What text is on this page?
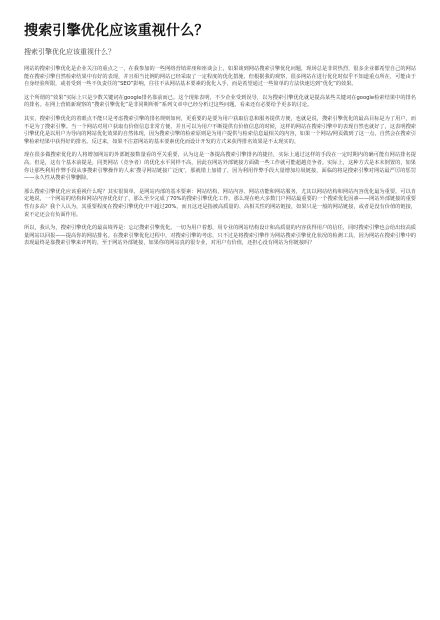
搜索引擎优化应该重视什么？
搜索引擎优化应该重视什么？

网站的搜索引擎优化是企业关注的重点之一，在我参加的一些网络营销讲座和座谈会上，如果谈到网站搜索引擎优化问题，现场总是非常热烈，很多企业都希望自己的网站能在搜索引擎自然检索结果中有好的表现，并且相当比例的网站已经采取了一定程度的优化措施，但根据我的观察，很多网站在进行优化时似乎不知道重点所在，可能由于自身经验所限，或者受到一些不负责任的“SEO”影响，往往不从网站基本要素的优化入手，而是希望通过一些简单的方法快速达到“优化”的效果。

这个所谓的“效果”实际上只是少数关键词在google排名靠前而已。这个现象表明，不少企业受到误导，以为搜索引擎优化就是提高某些关键词在google检索结果中的排名的排名。在网上营销新观察的“搜索引擎优化”是非同期所析”系列文章中已经分析过这些问题，看来还有必要给予更多的讨论。

其实，搜索引擎优化的着眼点不能只是考虑搜索引擎的排名规则如何，更重要的是要为用户获取信息和服务提供方便，也就是说，搜索引擎优化的最高目标是为了用户，而不是为了搜索引擎。当一个网站对用户获取有价值信息非常方便、并且可以为用户不断提供有价值信息的时候，这样的网站在搜索引擎中的表现自然也就好了，这表明搜索引擎优化是以用户为导向的网站优化效果的自然体现，因为搜索引擎的检索原则是为用户提供与检索信息最相关的内容，如果一个网站/网页做到了这一点，自然会在搜索引擎检索结果中获得好的排名。反过来，如果不注意网站的基本要素优化而设计开发的方式来获得排名效果是不太现实的。

现在很多做搜索优化的人将增加网站的外部链接数量看的至关重要，认为这是一条提高搜索引擎排名的捷径，实际上通过这样的手段在一定时期内的确可能有网站排名提高，但是，这有个基本前提是，同类网站（竞争者）的优化水平同样不高，因此在网站外部链接方面做一些工作就可能超越竞争者。实际上，这种方式是本末倒置的，如果你让那些利用作弊手段从事搜索引擎操作的人来‘搜寻网站链接广泛度’，那就错上加错了，因为利用作弊手段大量增加垃圾链接，面临的将是搜索引擎对网站最严厉的惩罚——永久性从搜索引擎删除。

那么搜索引擎优化应该重视什么呢？其实很简单，是网站内部的基本要素：网站结构、网站内容、网站功能和网站服务，尤其以网站结构和网站内容优化最为重要。可以肯定地说，一个网站的结构和网站内容优化好了，那么至少完成了70%的搜索引擎优化工作。那么现在绝大多数门户网站最重要的一个搜索优化因素——网站外部链接的重要性有多高？我个人认为，其重要程度在搜索引擎优化中不超过20%，而且这还是指被高质量的、高相关性的网站链接，如果只是一般的网站链接，或者是没有价值的链接，说不定还会有负面作用。

所以，我认为，搜索引擎优化的最高境界是：忘记搜索引擎优化。一切为用户着想，用专业的网站结构设计和高质量的内容获得用户的信任，同时搜索引擎也会给出较高质量网站以回报——提高你的网站排名。在搜索引擎优化过程中，对搜索引擎的考虑，只不过是将搜索引擎作为网站搜索引擎优化状况的检测工具，因为网站在搜索引擎中的表现最终是靠搜索引擎来评判的。至于网站外部链接，如果你的网站真的很专业，对用户有价值，还担心没有网站为你链接吗？
